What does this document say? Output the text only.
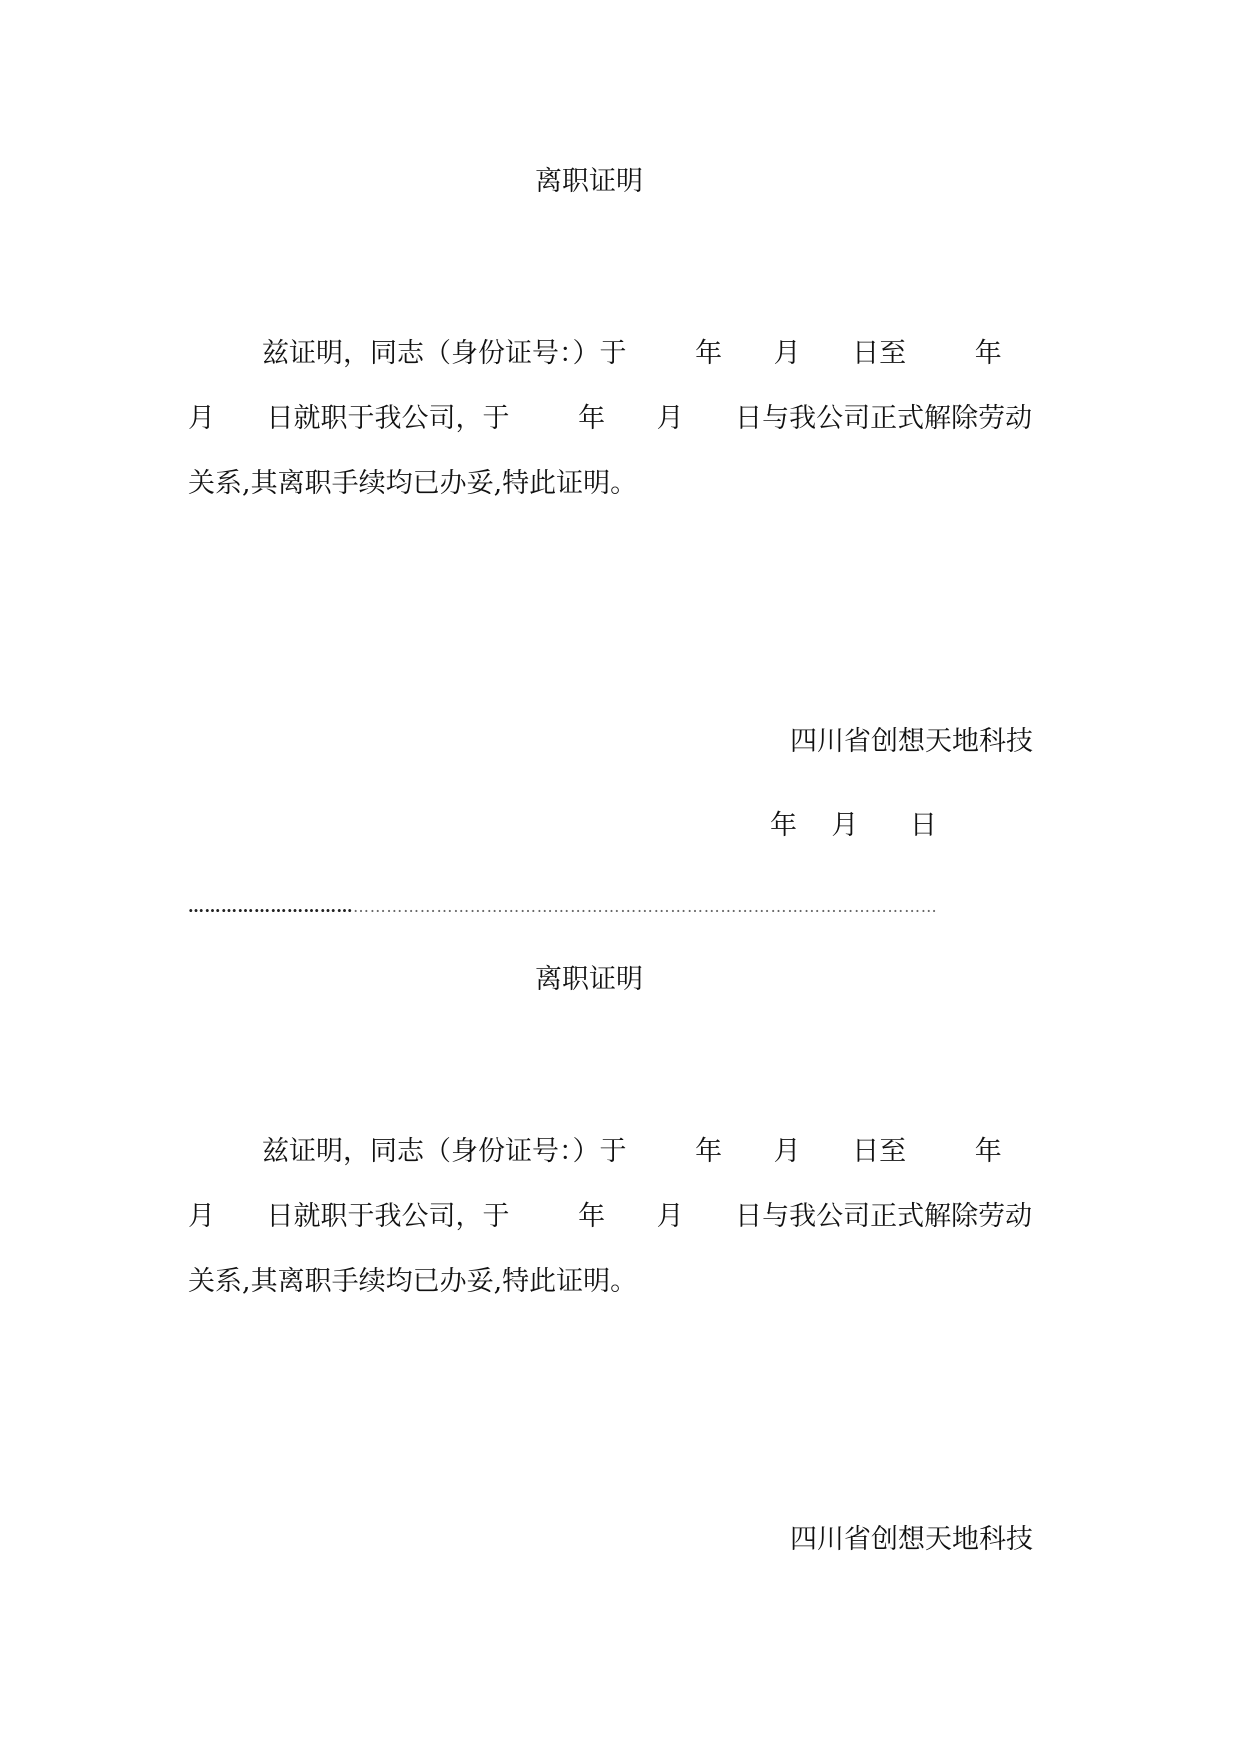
离职证明
兹证明，同志（身份证号：）于        年      月      日至        年
月      日就职于我公司，于        年      月      日与我公司正式解除劳动
关系,其离职手续均已办妥,特此证明。
四川省创想天地科技
年    月      日
………………………………………………………………………………………………………………………
离职证明
兹证明，同志（身份证号：）于        年      月      日至        年
月      日就职于我公司，于        年      月      日与我公司正式解除劳动
关系,其离职手续均已办妥,特此证明。
四川省创想天地科技
